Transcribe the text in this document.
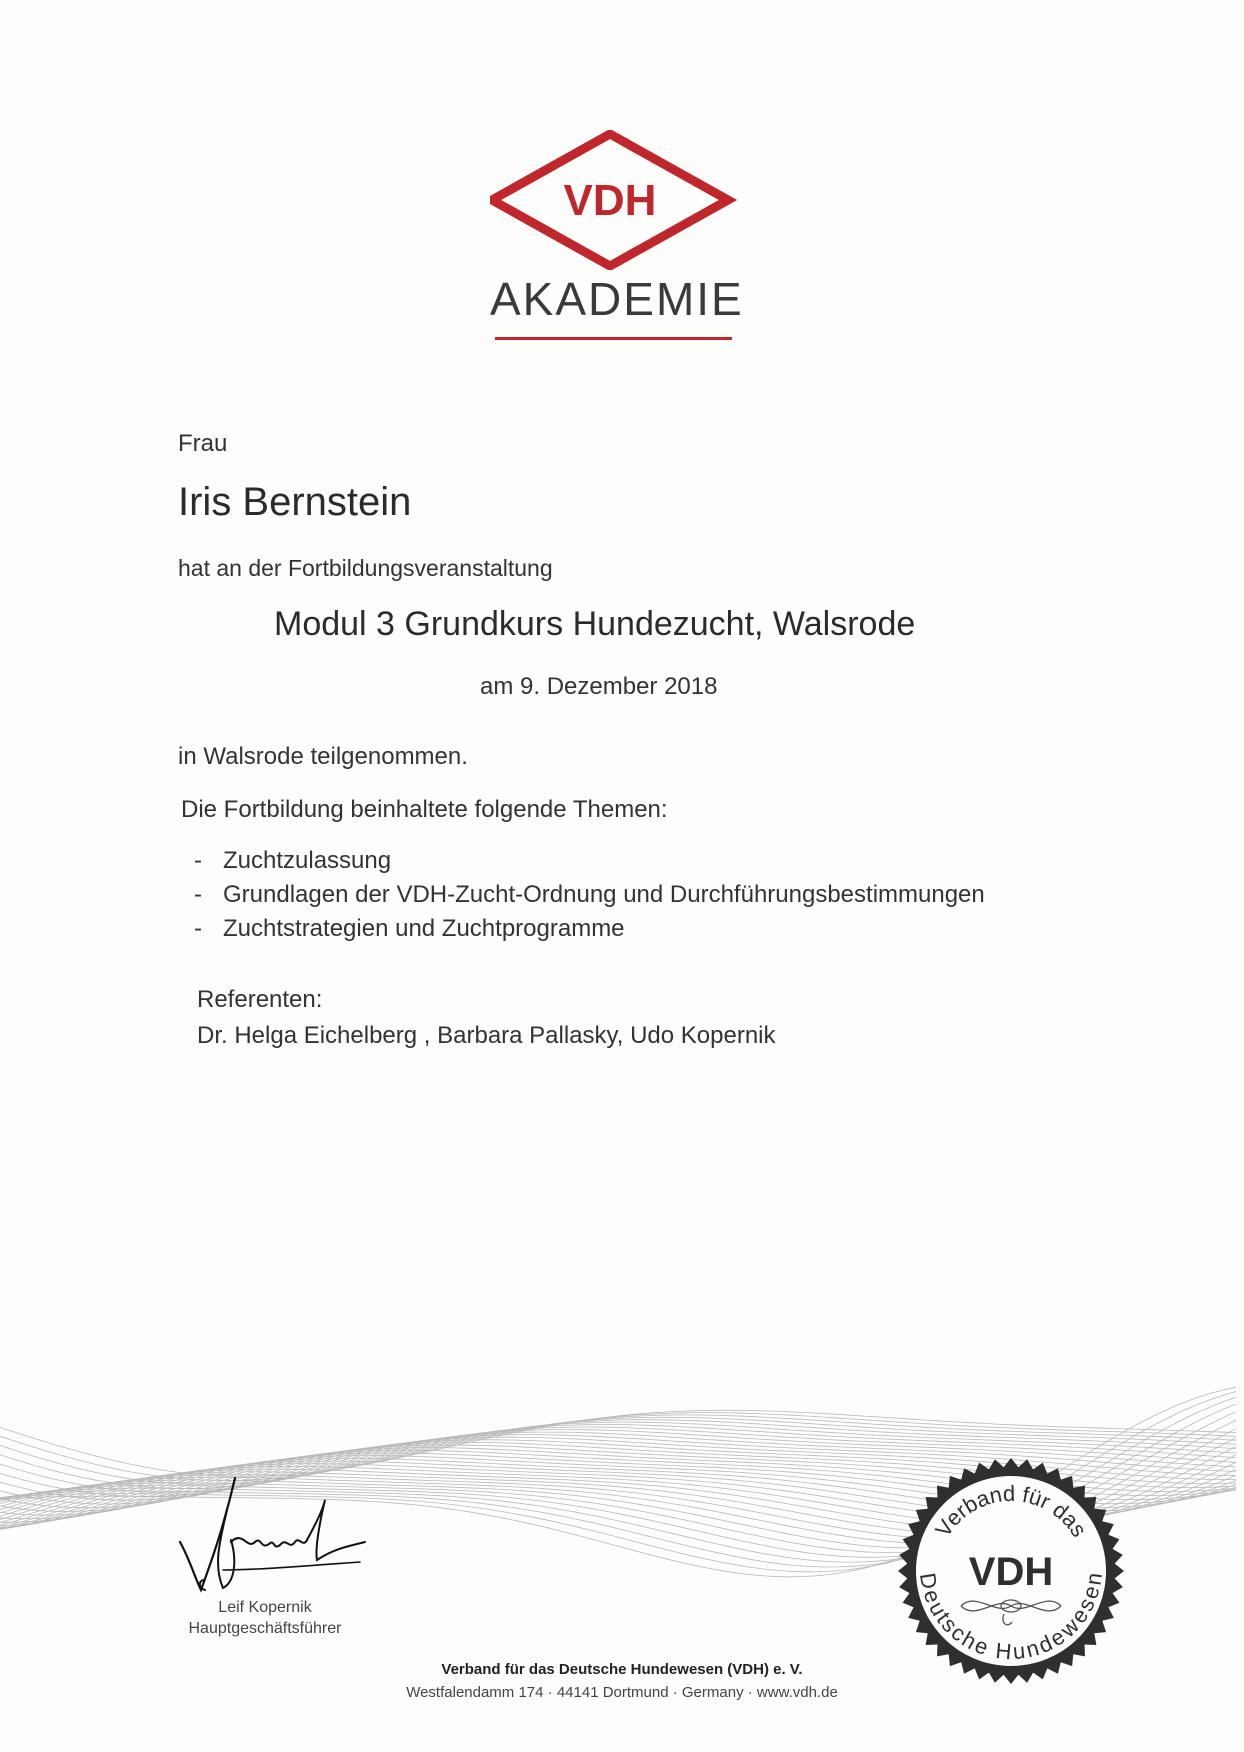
VDH
AKADEMIE
Frau
Iris Bernstein
hat an der Fortbildungsveranstaltung
Modul 3 Grundkurs Hundezucht, Walsrode
am 9. Dezember 2018
in Walsrode teilgenommen.
Die Fortbildung beinhaltete folgende Themen:
- Zuchtzulassung
- Grundlagen der VDH-Zucht-Ordnung und Durchführungsbestimmungen
- Zuchtstrategien und Zuchtprogramme
Referenten:
Dr. Helga Eichelberg , Barbara Pallasky, Udo Kopernik
Leif Kopernik
Hauptgeschäftsführer
Verband für das
VDH
Deutsche Hundewesen
Verband für das Deutsche Hundewesen (VDH) e. V.
Westfalendamm 174 · 44141 Dortmund · Germany · www.vdh.de
